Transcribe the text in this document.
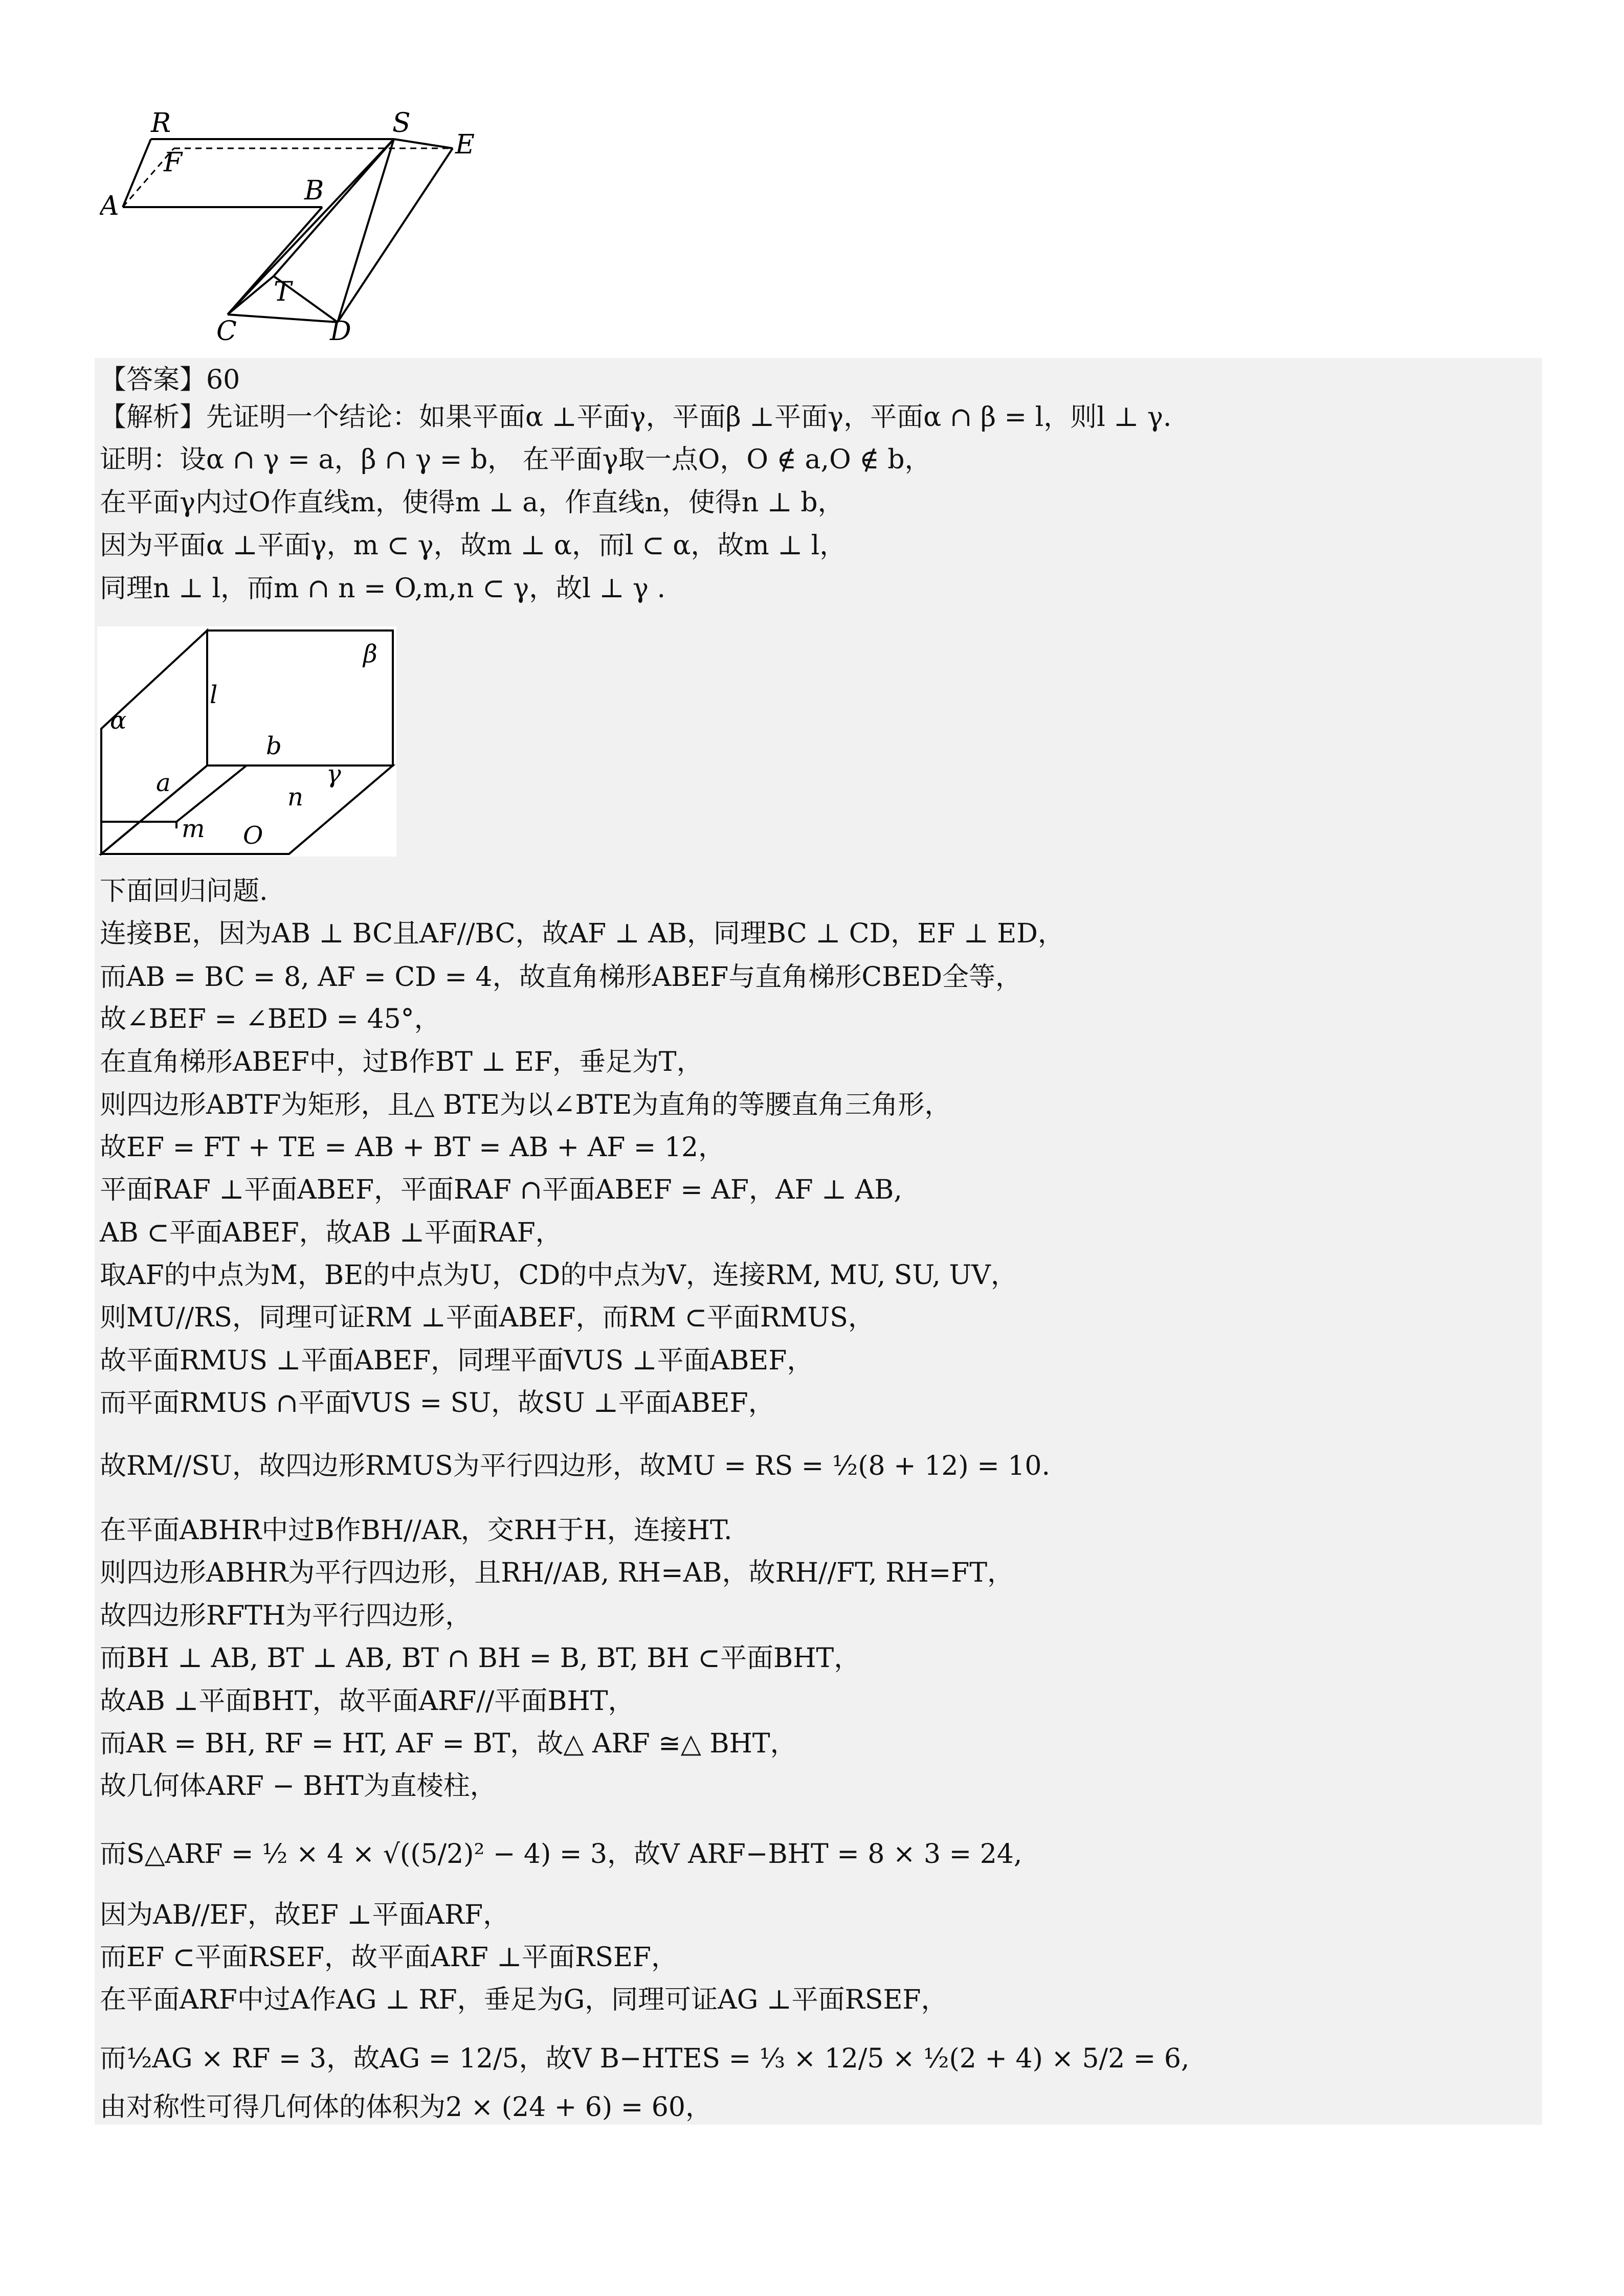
R	S
E
F
A	B
T
C	D
【答案】60
【解析】先证明一个结论：如果平面α ⊥平面γ，平面β ⊥平面γ，平面α ∩ β = l，则l ⊥ γ.
证明：设α ∩ γ = a，β ∩ γ = b， 在平面γ取一点O，O ∉ a,O ∉ b，
在平面γ内过O作直线m，使得m ⊥ a，作直线n，使得n ⊥ b，
因为平面α ⊥平面γ，m ⊂ γ，故m ⊥ α，而l ⊂ α，故m ⊥ l，
同理n ⊥ l，而m ∩ n = O,m,n ⊂ γ，故l ⊥ γ .
β
l
α
b
γ
a	n
m O
下面回归问题.
连接BE，因为AB ⊥ BC且AF//BC，故AF ⊥ AB，同理BC ⊥ CD，EF ⊥ ED，
而AB = BC = 8, AF = CD = 4，故直角梯形ABEF与直角梯形CBED全等，
故∠BEF = ∠BED = 45°，
在直角梯形ABEF中，过B作BT ⊥ EF，垂足为T，
则四边形ABTF为矩形，且△ BTE为以∠BTE为直角的等腰直角三角形，
故EF = FT + TE = AB + BT = AB + AF = 12，
平面RAF ⊥平面ABEF，平面RAF ∩平面ABEF = AF，AF ⊥ AB,
AB ⊂平面ABEF，故AB ⊥平面RAF，
取AF的中点为M，BE的中点为U，CD的中点为V，连接RM, MU, SU, UV，
则MU//RS，同理可证RM ⊥平面ABEF，而RM ⊂平面RMUS，
故平面RMUS ⊥平面ABEF，同理平面VUS ⊥平面ABEF，
而平面RMUS ∩平面VUS = SU，故SU ⊥平面ABEF，
故RM//SU，故四边形RMUS为平行四边形，故MU = RS = ½(8 + 12) = 10.
在平面ABHR中过B作BH//AR，交RH于H，连接HT.
则四边形ABHR为平行四边形，且RH//AB, RH=AB，故RH//FT, RH=FT，
故四边形RFTH为平行四边形，
而BH ⊥ AB, BT ⊥ AB, BT ∩ BH = B, BT, BH ⊂平面BHT，
故AB ⊥平面BHT，故平面ARF//平面BHT，
而AR = BH, RF = HT, AF = BT，故△ ARF ≅△ BHT，
故几何体ARF − BHT为直棱柱，
而S△ARF = ½ × 4 × √((5/2)² − 4) = 3，故V ARF−BHT = 8 × 3 = 24,
因为AB//EF，故EF ⊥平面ARF，
而EF ⊂平面RSEF，故平面ARF ⊥平面RSEF，
在平面ARF中过A作AG ⊥ RF，垂足为G，同理可证AG ⊥平面RSEF，
而½AG × RF = 3，故AG = 12/5，故V B−HTES = ⅓ × 12/5 × ½(2 + 4) × 5/2 = 6,
由对称性可得几何体的体积为2 × (24 + 6) = 60，
